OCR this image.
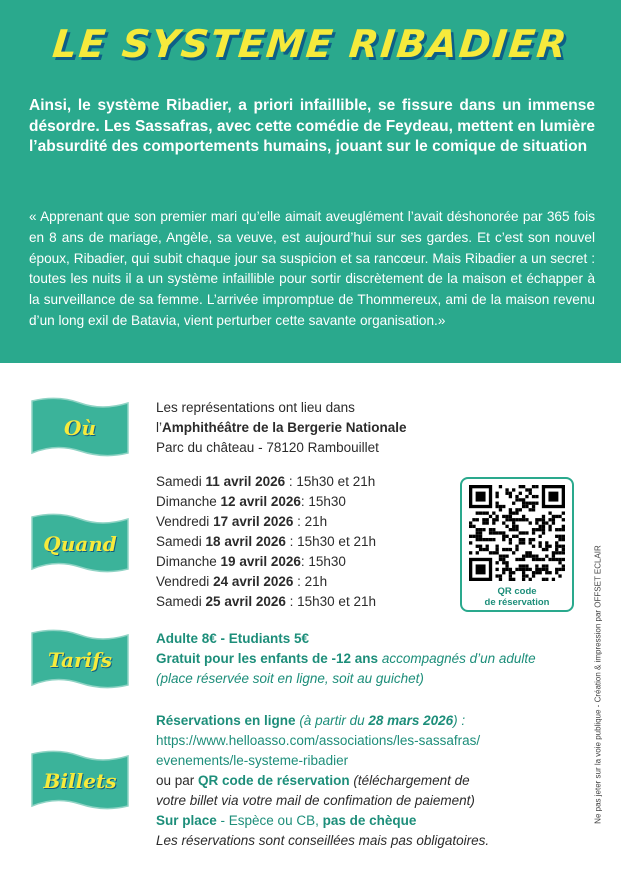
LE SYSTEME RIBADIER
Ainsi, le système Ribadier, a priori infaillible, se fissure dans un immense désordre. Les Sassafras, avec cette comédie de Feydeau, mettent en lumière l’absurdité des comportements humains, jouant sur le comique de situation
« Apprenant que son premier mari qu’elle aimait aveuglément l’avait déshonorée par 365 fois en 8 ans de mariage, Angèle, sa veuve, est aujourd’hui sur ses gardes. Et c’est son nouvel époux, Ribadier, qui subit chaque jour sa suspicion et sa rancœur. Mais Ribadier a un secret : toutes les nuits il a un système infaillible pour sortir discrètement de la maison et échapper à la surveillance de sa femme. L’arrivée impromptue de Thommereux, ami de la maison revenu d’un long exil de Batavia, vient perturber cette savante organisation.»
Où
Quand
Tarifs
Billets
Les représentations ont lieu dans
l’Amphithéâtre de la Bergerie Nationale
Parc du château - 78120 Rambouillet
Samedi 11 avril 2026 : 15h30 et 21h
Dimanche 12 avril 2026: 15h30
Vendredi 17 avril 2026 : 21h
Samedi 18 avril 2026 : 15h30 et 21h
Dimanche 19 avril 2026: 15h30
Vendredi 24 avril 2026 : 21h
Samedi 25 avril 2026 : 15h30 et 21h
QR code
de réservation
Adulte 8€ - Etudiants 5€
Gratuit pour les enfants de -12 ans accompagnés d’un adulte
(place réservée soit en ligne, soit au guichet)
Réservations en ligne (à partir du 28 mars 2026) :
https://www.helloasso.com/associations/les-sassafras/
evenements/le-systeme-ribadier
ou par QR code de réservation (téléchargement de
votre billet via votre mail de confimation de paiement)
Sur place - Espèce ou CB, pas de chèque
Les réservations sont conseillées mais pas obligatoires.
Ne pas jeter sur la voie publique - Création & impression par OFFSET ECLAIR
